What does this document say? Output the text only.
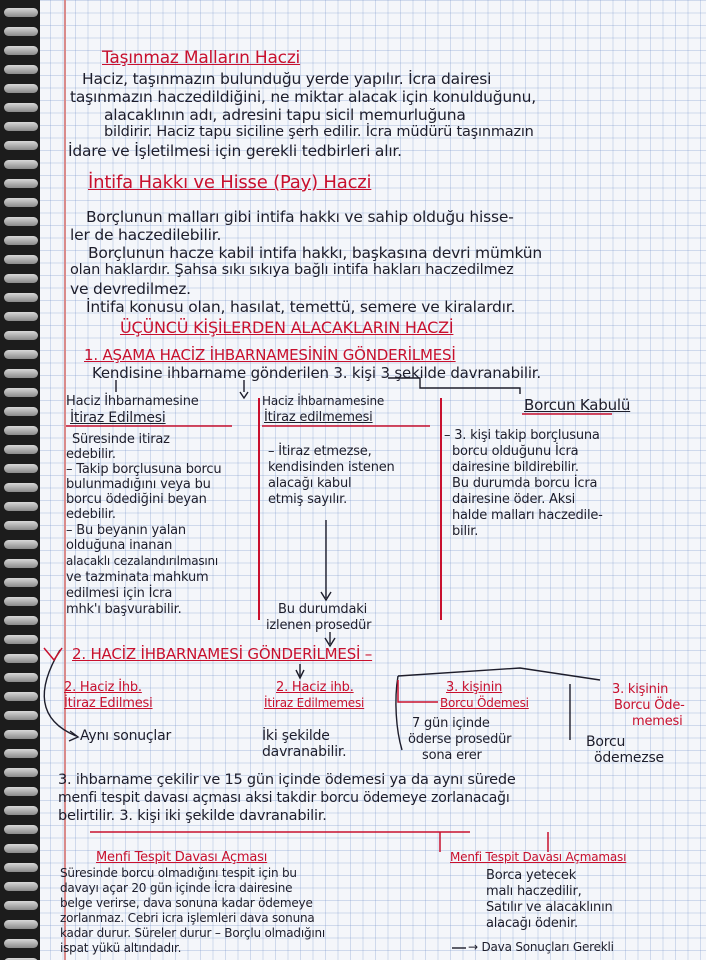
Taşınmaz Malların Haczi
Haciz, taşınmazın bulunduğu yerde yapılır. İcra dairesi
taşınmazın haczedildiğini, ne miktar alacak için konulduğunu,
alacaklının adı, adresini tapu sicil memurluğuna
bildirir. Haciz tapu siciline şerh edilir. İcra müdürü taşınmazın
İdare ve İşletilmesi için gerekli tedbirleri alır.
İntifa Hakkı ve Hisse (Pay) Haczi
Borçlunun malları gibi intifa hakkı ve sahip olduğu hisse-
ler de haczedilebilir.
Borçlunun hacze kabil intifa hakkı, başkasına devri mümkün
olan haklardır. Şahsa sıkı sıkıya bağlı intifa hakları haczedilmez
ve devredilmez.
İntifa konusu olan, hasılat, temettü, semere ve kiralardır.
ÜÇÜNCÜ KİŞİLERDEN ALACAKLARIN HACZİ
1. AŞAMA HACİZ İHBARNAMESİNİN GÖNDERİLMESİ
Kendisine ihbarname gönderilen 3. kişi 3 şekilde davranabilir.
Haciz İhbarnamesine
İtiraz Edilmesi
Süresinde itiraz
edebilir.
– Takip borçlusuna borcu
bulunmadığını veya bu
borcu ödediğini beyan
edebilir.
– Bu beyanın yalan
olduğuna inanan
alacaklı cezalandırılmasını
ve tazminata mahkum
edilmesi için İcra
mhk'ı başvurabilir.
Haciz İhbarnamesine
İtiraz edilmemesi
– İtiraz etmezse,
kendisinden istenen
alacağı kabul
etmiş sayılır.
Bu durumdaki
izlenen prosedür
Borcun Kabulü
– 3. kişi takip borçlusuna
borcu olduğunu İcra
dairesine bildirebilir.
Bu durumda borcu İcra
dairesine öder. Aksi
halde malları haczedile-
bilir.
2. HACİZ İHBARNAMESİ GÖNDERİLMESİ –
2. Haciz İhb.
İtiraz Edilmesi
Aynı sonuçlar
2. Haciz ihb.
İtiraz Edilmemesi
İki şekilde
davranabilir.
3. kişinin
Borcu Ödemesi
7 gün içinde
öderse prosedür
sona erer
3. kişinin
Borcu Öde-
memesi
Borcu
ödemezse
3. ihbarname çekilir ve 15 gün içinde ödemesi ya da aynı sürede
menfi tespit davası açması aksi takdir borcu ödemeye zorlanacağı
belirtilir. 3. kişi iki şekilde davranabilir.
Menfi Tespit Davası Açması
Süresinde borcu olmadığını tespit için bu
davayı açar 20 gün içinde İcra dairesine
belge verirse, dava sonuna kadar ödemeye
zorlanmaz. Cebri icra işlemleri dava sonuna
kadar durur. Süreler durur – Borçlu olmadığını
ispat yükü altındadır.
Menfi Tespit Davası Açmaması
Borca yetecek
malı haczedilir,
Satılır ve alacaklının
alacağı ödenir.
→ Dava Sonuçları Gerekli
